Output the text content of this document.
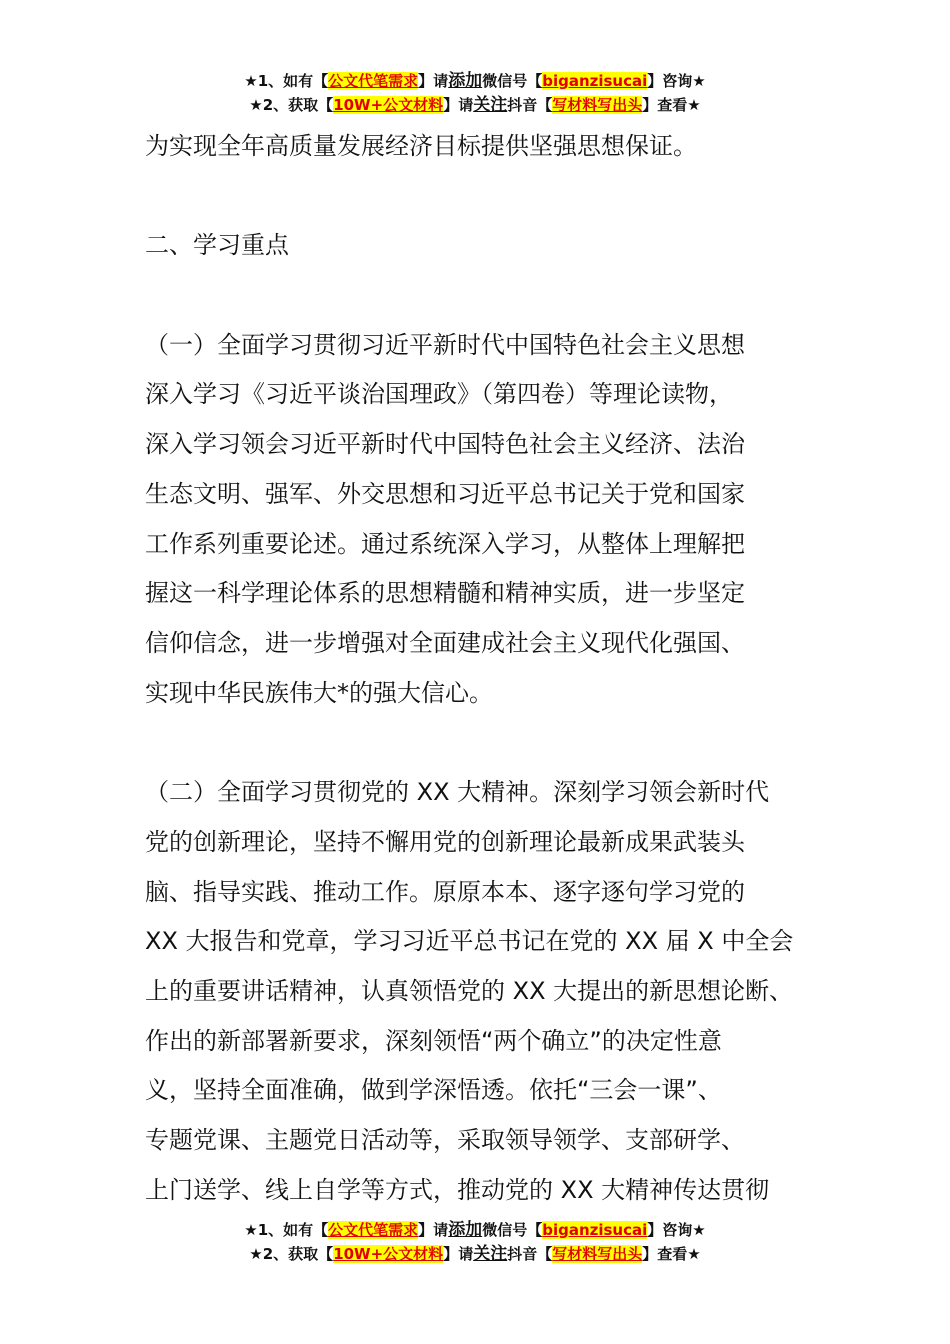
★1、如有【公文代笔需求】请添加微信号【biganzisucai】咨询★
★2、获取【10W+公文材料】请关注抖音【写材料写出头】查看★
为实现全年高质量发展经济目标提供坚强思想保证。
二、学习重点
（一）全面学习贯彻习近平新时代中国特色社会主义思想
深入学习《习近平谈治国理政》（第四卷）等理论读物，
深入学习领会习近平新时代中国特色社会主义经济、法治
生态文明、强军、外交思想和习近平总书记关于党和国家
工作系列重要论述。通过系统深入学习，从整体上理解把
握这一科学理论体系的思想精髓和精神实质，进一步坚定
信仰信念，进一步增强对全面建成社会主义现代化强国、
实现中华民族伟大*的强大信心。
（二）全面学习贯彻党的 XX 大精神。深刻学习领会新时代
党的创新理论，坚持不懈用党的创新理论最新成果武装头
脑、指导实践、推动工作。原原本本、逐字逐句学习党的
XX 大报告和党章，学习习近平总书记在党的 XX 届 X 中全会
上的重要讲话精神，认真领悟党的 XX 大提出的新思想论断、
作出的新部署新要求，深刻领悟“两个确立”的决定性意
义，坚持全面准确，做到学深悟透。依托“三会一课”、
专题党课、主题党日活动等，采取领导领学、支部研学、
上门送学、线上自学等方式，推动党的 XX 大精神传达贯彻
★1、如有【公文代笔需求】请添加微信号【biganzisucai】咨询★
★2、获取【10W+公文材料】请关注抖音【写材料写出头】查看★
